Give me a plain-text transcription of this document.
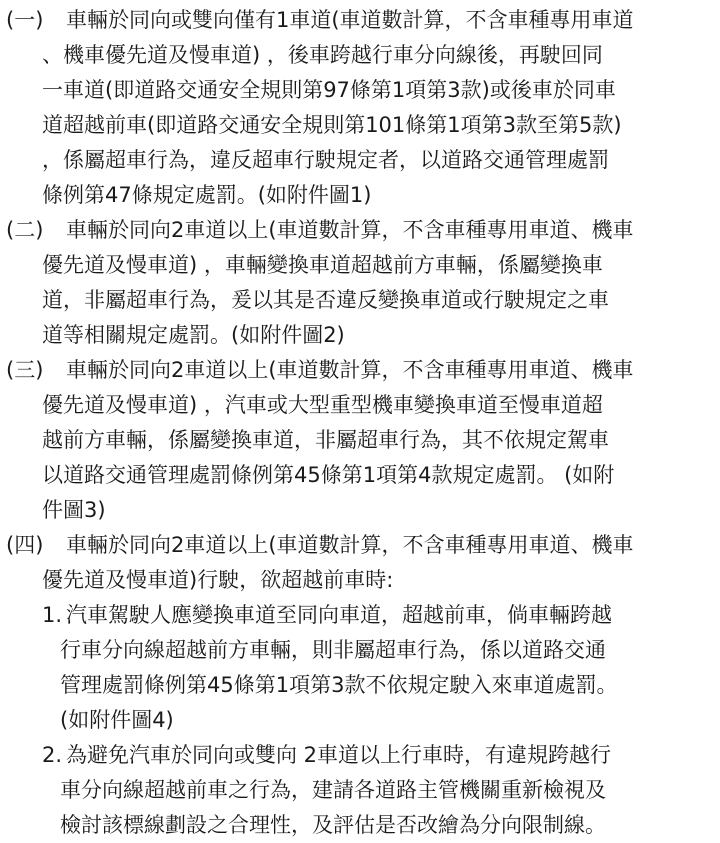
(一) 車輛於同向或雙向僅有1車道(車道數計算，不含車種專用車道
、機車優先道及慢車道) ，後車跨越行車分向線後，再駛回同
一車道(即道路交通安全規則第97條第1項第3款)或後車於同車
道超越前車(即道路交通安全規則第101條第1項第3款至第5款)
，係屬超車行為，違反超車行駛規定者，以道路交通管理處罰
條例第47條規定處罰。(如附件圖1)
(二) 車輛於同向2車道以上(車道數計算，不含車種專用車道、機車
優先道及慢車道) ，車輛變換車道超越前方車輛，係屬變換車
道，非屬超車行為，爰以其是否違反變換車道或行駛規定之車
道等相關規定處罰。(如附件圖2)
(三) 車輛於同向2車道以上(車道數計算，不含車種專用車道、機車
優先道及慢車道) ，汽車或大型重型機車變換車道至慢車道超
越前方車輛，係屬變換車道，非屬超車行為，其不依規定駕車
以道路交通管理處罰條例第45條第1項第4款規定處罰。 (如附
件圖3)
(四) 車輛於同向2車道以上(車道數計算，不含車種專用車道、機車
優先道及慢車道)行駛，欲超越前車時:
1. 汽車駕駛人應變換車道至同向車道，超越前車，倘車輛跨越
行車分向線超越前方車輛，則非屬超車行為，係以道路交通
管理處罰條例第45條第1項第3款不依規定駛入來車道處罰。
(如附件圖4)
2. 為避免汽車於同向或雙向 2車道以上行車時，有違規跨越行
車分向線超越前車之行為，建請各道路主管機關重新檢視及
檢討該標線劃設之合理性，及評估是否改繪為分向限制線。
